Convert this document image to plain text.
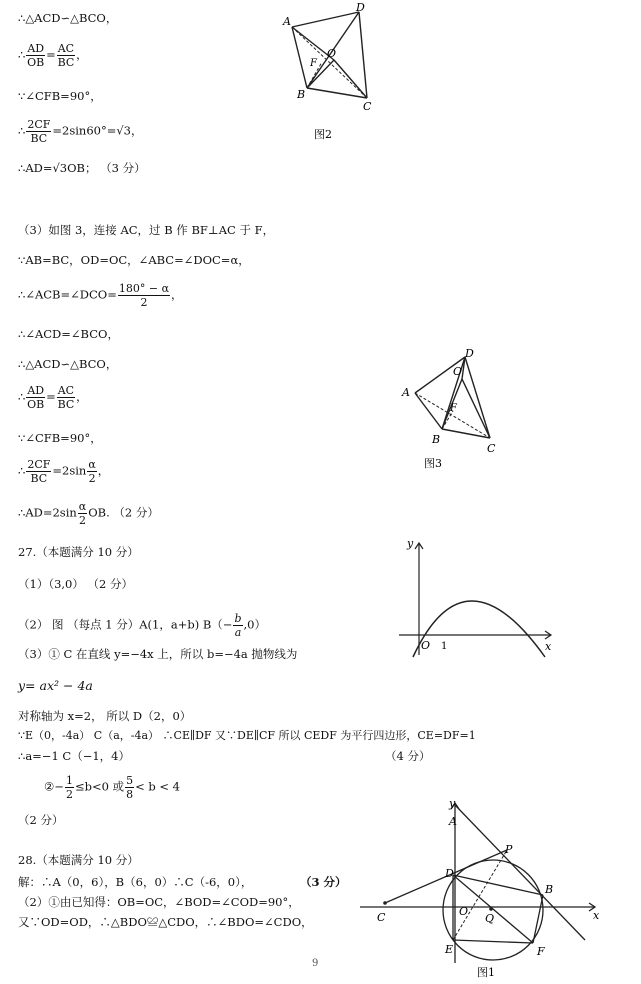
∴△ACD∽△BCO，
∴ $\frac{AD}{OB} = \frac{AC}{BC}$ ，
∵∠CFB=90°，
∴ $\frac{2CF}{BC} =2\sin 60^\circ=√3$，
∴AD=√3OB； （3 分）
A
D
O
F
B
C
图2
（3）如图 3，连接 AC，过 B 作 BF⊥AC 于 F，
∵AB=BC，OD=OC，∠ABC=∠DOC=α，
∴∠ACB=∠DCO= $\frac{180^\circ - \alpha}{2}$ ，
∴∠ACD=∠BCO，
∴△ACD∽△BCO，
∴ $\frac{AD}{OB} = \frac{AC}{BC}$ ，
∵∠CFB=90°，
∴ $\frac{2CF}{BC} =2\sin \frac{\alpha}{2}$ ，
∴AD=2sin $\frac{\alpha}{2}$ OB. （2 分）
A
D
O
F
B
C
图3
27.（本题满分 10 分）
（1）（3,0） （2 分）
（2） 图 （每点 1 分）A(1，a+b) $B(- \frac{b}{a} ,0)$
（3）① C 在直线 y=−4x 上，所以 b=−4a 抛物线为
y= ax² − 4a
对称轴为 x=2， 所以 D（2，0）
∵E（0，-4a） C（a，-4a） ∴CE∥DF 又∵DE∥CF 所以 CEDF 为平行四边形，CE=DF=1
∴a=−1 C（−1，4）	（4 分）
②− $\frac{1}{2} \le b<0$ 或 $\frac{5}{8} < b < 4$
（2 分）
y
x
O 1
28.（本题满分 10 分）
解：∴A（0，6），B（6，0）∴C（-6，0），	（3 分）
（2）①由已知得：OB=OC，∠BOD=∠COD=90°，
又∵OD=OD，∴△BDO≌△CDO，∴∠BDO=∠CDO，
y
A
P
D
B
x
C	O
Q
E	F
图1
9
